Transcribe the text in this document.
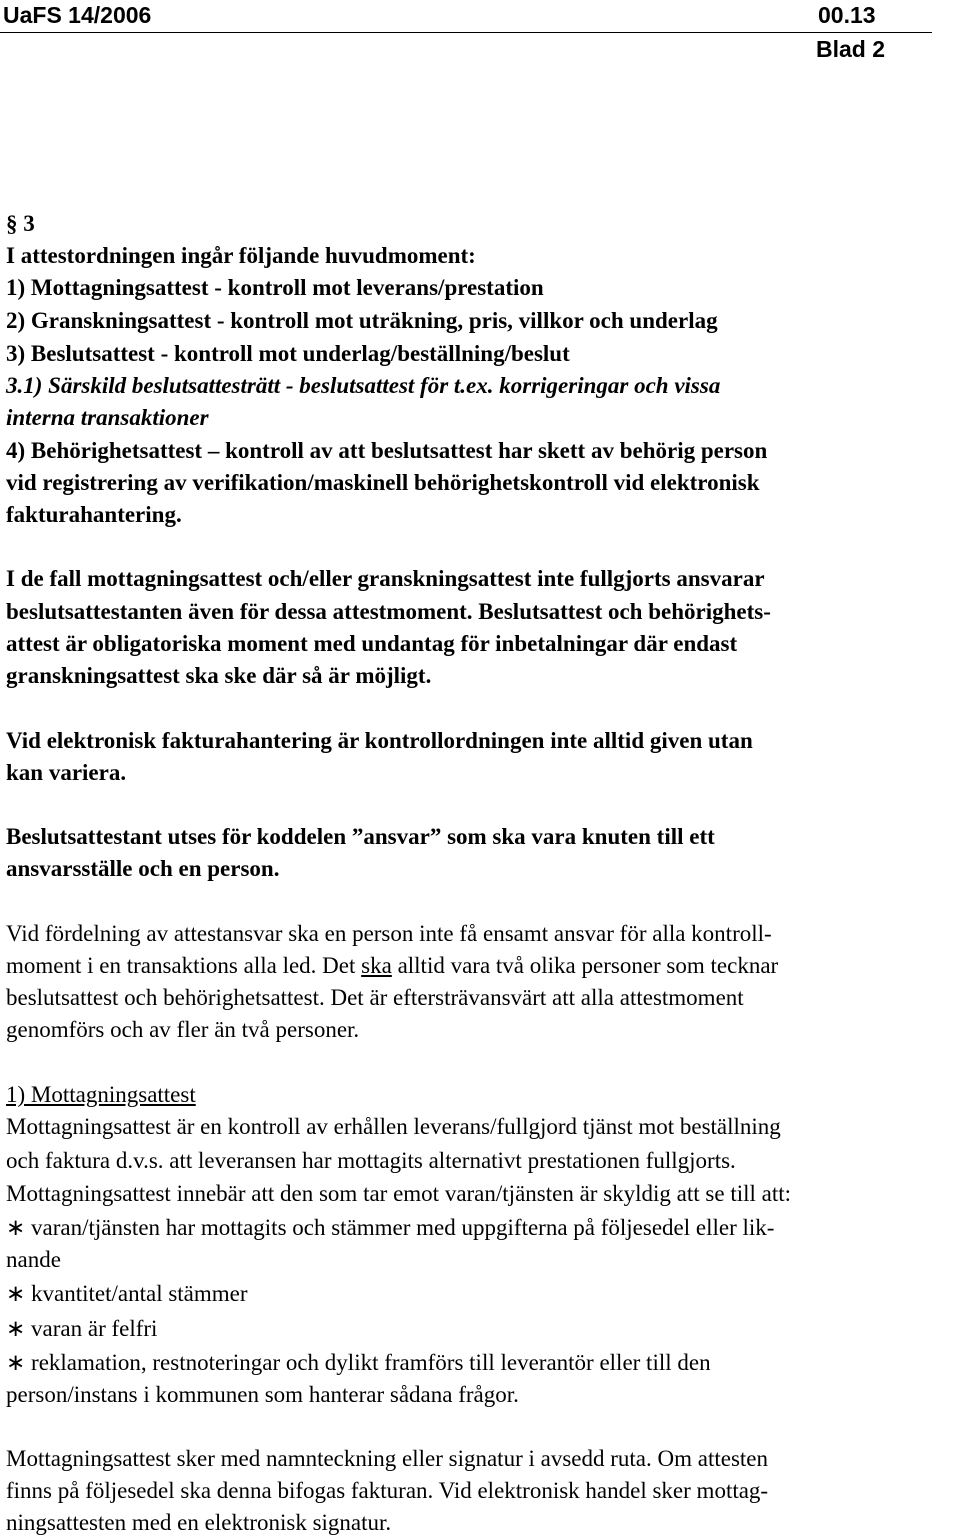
UaFS 14/2006	00.13
Blad 2
§ 3
I attestordningen ingår följande huvudmoment:
1) Mottagningsattest - kontroll mot leverans/prestation
2) Granskningsattest - kontroll mot uträkning, pris, villkor och underlag
3) Beslutsattest - kontroll mot underlag/beställning/beslut
3.1) Särskild beslutsattesträtt - beslutsattest för t.ex. korrigeringar och vissa
interna transaktioner
4) Behörighetsattest – kontroll av att beslutsattest har skett av behörig person
vid registrering av verifikation/maskinell behörighetskontroll vid elektronisk
fakturahantering.
I de fall mottagningsattest och/eller granskningsattest inte fullgjorts ansvarar
beslutsattestanten även för dessa attestmoment. Beslutsattest och behörighets-
attest är obligatoriska moment med undantag för inbetalningar där endast
granskningsattest ska ske där så är möjligt.
Vid elektronisk fakturahantering är kontrollordningen inte alltid given utan
kan variera.
Beslutsattestant utses för koddelen ”ansvar” som ska vara knuten till ett
ansvarsställe och en person.
Vid fördelning av attestansvar ska en person inte få ensamt ansvar för alla kontroll-
moment i en transaktions alla led. Det ska alltid vara två olika personer som tecknar
beslutsattest och behörighetsattest. Det är eftersträvansvärt att alla attestmoment
genomförs och av fler än två personer.
1) Mottagningsattest
Mottagningsattest är en kontroll av erhållen leverans/fullgjord tjänst mot beställning
och faktura d.v.s. att leveransen har mottagits alternativt prestationen fullgjorts.
Mottagningsattest innebär att den som tar emot varan/tjänsten är skyldig att se till att:
∗ varan/tjänsten har mottagits och stämmer med uppgifterna på följesedel eller lik-
nande
∗ kvantitet/antal stämmer
∗ varan är felfri
∗ reklamation, restnoteringar och dylikt framförs till leverantör eller till den
person/instans i kommunen som hanterar sådana frågor.
Mottagningsattest sker med namnteckning eller signatur i avsedd ruta. Om attesten
finns på följesedel ska denna bifogas fakturan. Vid elektronisk handel sker mottag-
ningsattesten med en elektronisk signatur.
